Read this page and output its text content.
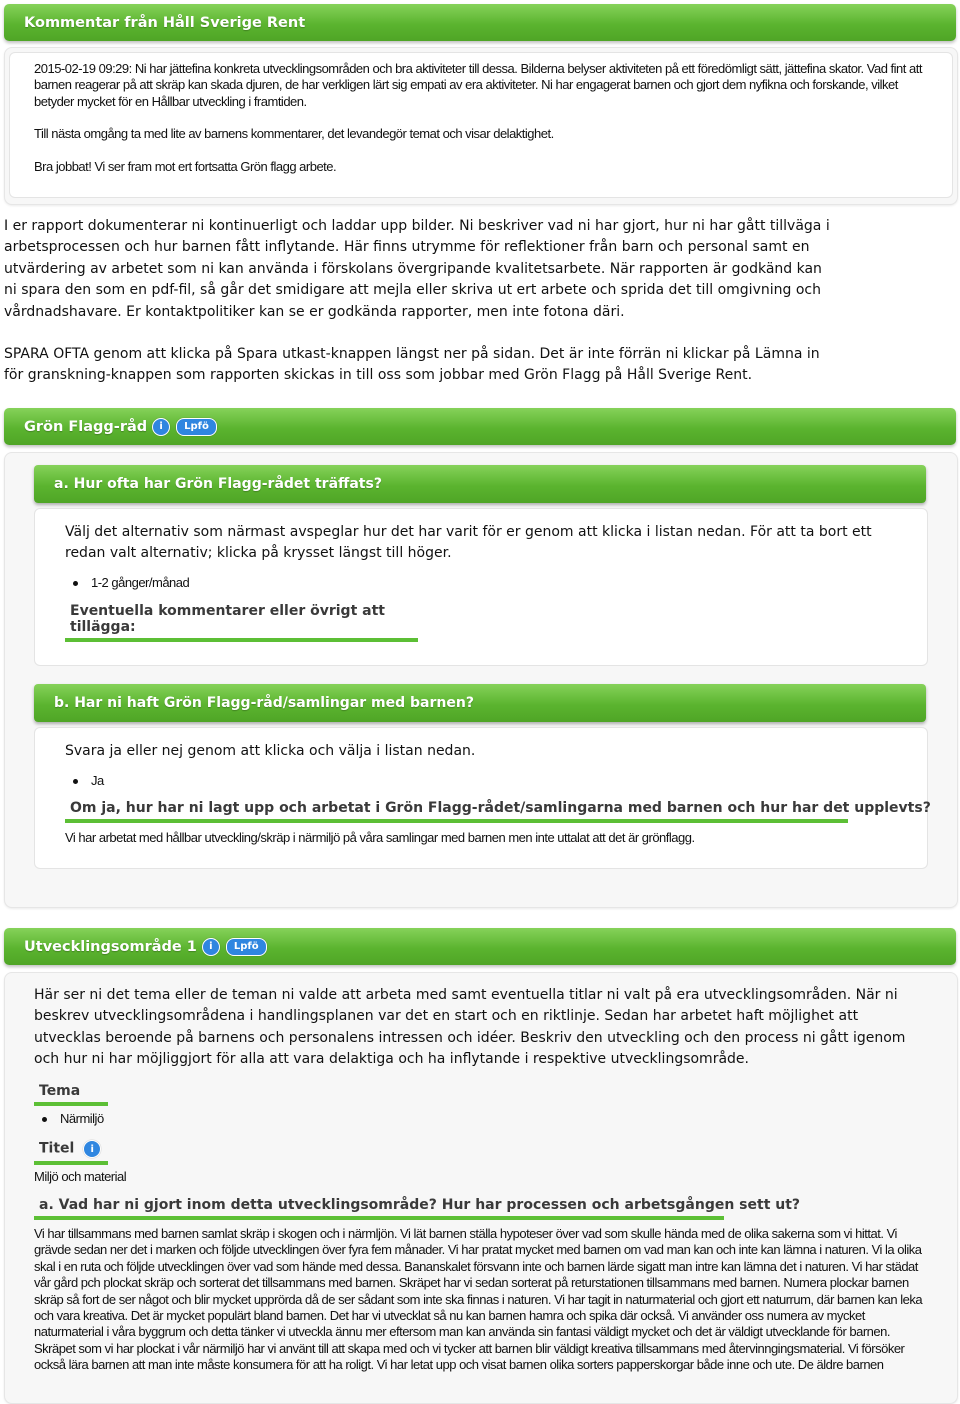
Kommentar från Håll Sverige Rent
2015-02-19 09:29: Ni har jättefina konkreta utvecklingsområden och bra aktiviteter till dessa. Bilderna belyser aktiviteten på ett föredömligt sätt, jättefina skator. Vad fint att barnen reagerar på att skräp kan skada djuren, de har verkligen lärt sig empati av era aktiviteter. Ni har engagerat barnen och gjort dem nyfikna och forskande, vilket betyder mycket för en Hållbar utveckling i framtiden.
Till nästa omgång ta med lite av barnens kommentarer, det levandegör temat och visar delaktighet.
Bra jobbat! Vi ser fram mot ert fortsatta Grön flagg arbete.
I er rapport dokumenterar ni kontinuerligt och laddar upp bilder. Ni beskriver vad ni har gjort, hur ni har gått tillväga i arbetsprocessen och hur barnen fått inflytande. Här finns utrymme för reflektioner från barn och personal samt en utvärdering av arbetet som ni kan använda i förskolans övergripande kvalitetsarbete. När rapporten är godkänd kan ni spara den som en pdf-fil, så går det smidigare att mejla eller skriva ut ert arbete och sprida det till omgivning och vårdnadshavare. Er kontaktpolitiker kan se er godkända rapporter, men inte fotona däri.
SPARA OFTA genom att klicka på Spara utkast-knappen längst ner på sidan. Det är inte förrän ni klickar på Lämna in för granskning-knappen som rapporten skickas in till oss som jobbar med Grön Flagg på Håll Sverige Rent.
Grön Flagg-råd	i	Lpfö
a. Hur ofta har Grön Flagg-rådet träffats?
Välj det alternativ som närmast avspeglar hur det har varit för er genom att klicka i listan nedan. För att ta bort ett redan valt alternativ; klicka på krysset längst till höger.
1-2 gånger/månad
Eventuella kommentarer eller övrigt att tillägga:
b. Har ni haft Grön Flagg-råd/samlingar med barnen?
Svara ja eller nej genom att klicka och välja i listan nedan.
Ja
Om ja, hur har ni lagt upp och arbetat i Grön Flagg-rådet/samlingarna med barnen och hur har det upplevts?
Vi har arbetat med hållbar utveckling/skräp i närmiljö på våra samlingar med barnen men inte uttalat att det är grönflagg.
Utvecklingsområde 1	i	Lpfö
Här ser ni det tema eller de teman ni valde att arbeta med samt eventuella titlar ni valt på era utvecklingsområden. När ni beskrev utvecklingsområdena i handlingsplanen var det en start och en riktlinje. Sedan har arbetet haft möjlighet att utvecklas beroende på barnens och personalens intressen och idéer. Beskriv den utveckling och den process ni gått igenom och hur ni har möjliggjort för alla att vara delaktiga och ha inflytande i respektive utvecklingsområde.
Tema
Närmiljö
Titel i
Miljö och material
a. Vad har ni gjort inom detta utvecklingsområde? Hur har processen och arbetsgången sett ut?
Vi har tillsammans med barnen samlat skräp i skogen och i närmljön. Vi lät barnen ställa hypoteser över vad som skulle hända med de olika sakerna som vi hittat. Vi grävde sedan ner det i marken och följde utvecklingen över fyra fem månader. Vi har pratat mycket med barnen om vad man kan och inte kan lämna i naturen. Vi la olika skal i en ruta och följde utvecklingen över vad som hände med dessa. Bananskalet försvann inte och barnen lärde sigatt man intre kan lämna det i naturen. Vi har städat vår gård pch plockat skräp och sorterat det tillsammans med barnen. Skräpet har vi sedan sorterat på returstationen tillsammans med barnen. Numera plockar barnen skräp så fort de ser något och blir mycket upprörda då de ser sådant som inte ska finnas i naturen. Vi har tagit in naturmaterial och gjort ett naturrum, där barnen kan leka och vara kreativa. Det är mycket populärt bland barnen. Det har vi utvecklat så nu kan barnen hamra och spika där också. Vi använder oss numera av mycket naturmaterial i våra byggrum och detta tänker vi utveckla ännu mer eftersom man kan använda sin fantasi väldigt mycket och det är väldigt utvecklande för barnen. Skräpet som vi har plockat i vår närmiljö har vi använt till att skapa med och vi tycker att barnen blir väldigt kreativa tillsammans med återvinngingsmaterial. Vi försöker också lära barnen att man inte måste konsumera för att ha roligt. Vi har letat upp och visat barnen olika sorters papperskorgar både inne och ute. De äldre barnen
